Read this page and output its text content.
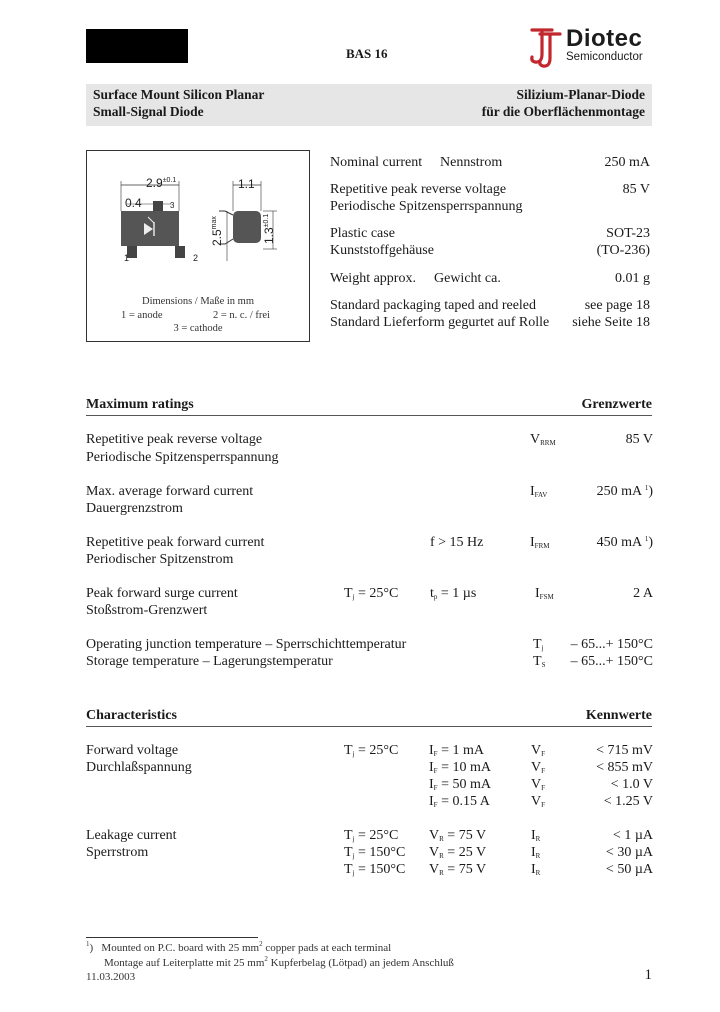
BAS 16
Diotec
Semiconductor
Surface Mount Silicon Planar
Small-Signal Diode
Silizium-Planar-Diode
für die Oberflächenmontage
$2.9^{\pm 0.1}$
0.4	3
1	2
1.1
$2.5^{max}$
$1.3^{\pm 0.1}$
Dimensions / Maße in mm
1 = anode	2 = n. c. / frei
3 = cathode
Nominal current Nennstrom	250 mA
Repetitive peak reverse voltage
Periodische Spitzensperrspannung
85 V
Plastic case
Kunststoffgehäuse
SOT-23
(TO-236)
Weight approx. Gewicht ca.	0.01 g
Standard packaging taped and reeled	see page 18
Standard Lieferform gegurtet auf Rolle siehe Seite 18
Maximum ratings	Grenzwerte
Repetitive peak reverse voltage
Periodische Spitzensperrspannung
$V_{RRM}$	85 V
Max. average forward current
Dauergrenzstrom
$I_{FAV}$	250 mA $^1$)
Repetitive peak forward current
Periodischer Spitzenstrom
f > 15 Hz	$I_{FRM}$	450 mA $^1$)
Peak forward surge current
Stoßstrom-Grenzwert
$T_j = 25^\circ C$ $t_p = 1$ µs	$I_{FSM}$	2 A
Operating junction temperature – Sperrschichttemperatur	$T_j - 65...+ 150^\circ C$
Storage temperature – Lagerungstemperatur	$T_S - 65...+ 150^\circ C$
Characteristics	Kennwerte
Forward voltage
Durchlaßspannung
$T_j = 25^\circ C$ $I_F = 1$ mA	$V_F$	< 715 mV
$I_F = 10$ mA	$V_F$	< 855 mV
$I_F = 50$ mA	$V_F$	< 1.0 V
$I_F = 0.15$ A	$V_F$	< 1.25 V
Leakage current
Sperrstrom
$T_j = 25^\circ C$ $V_R = 75$ V	$I_R$	< 1 µA
$T_j = 150^\circ C$ $V_R = 25$ V	$I_R$	< 30 µA
$T_j = 150^\circ C$ $V_R = 75$ V	$I_R$	< 50 µA
$^1$) Mounted on P.C. board with 25 $mm^2$ copper pads at each terminal
Montage auf Leiterplatte mit 25 $mm^2$ Kupferbelag (Lötpad) an jedem Anschluß
11.03.2003	1
